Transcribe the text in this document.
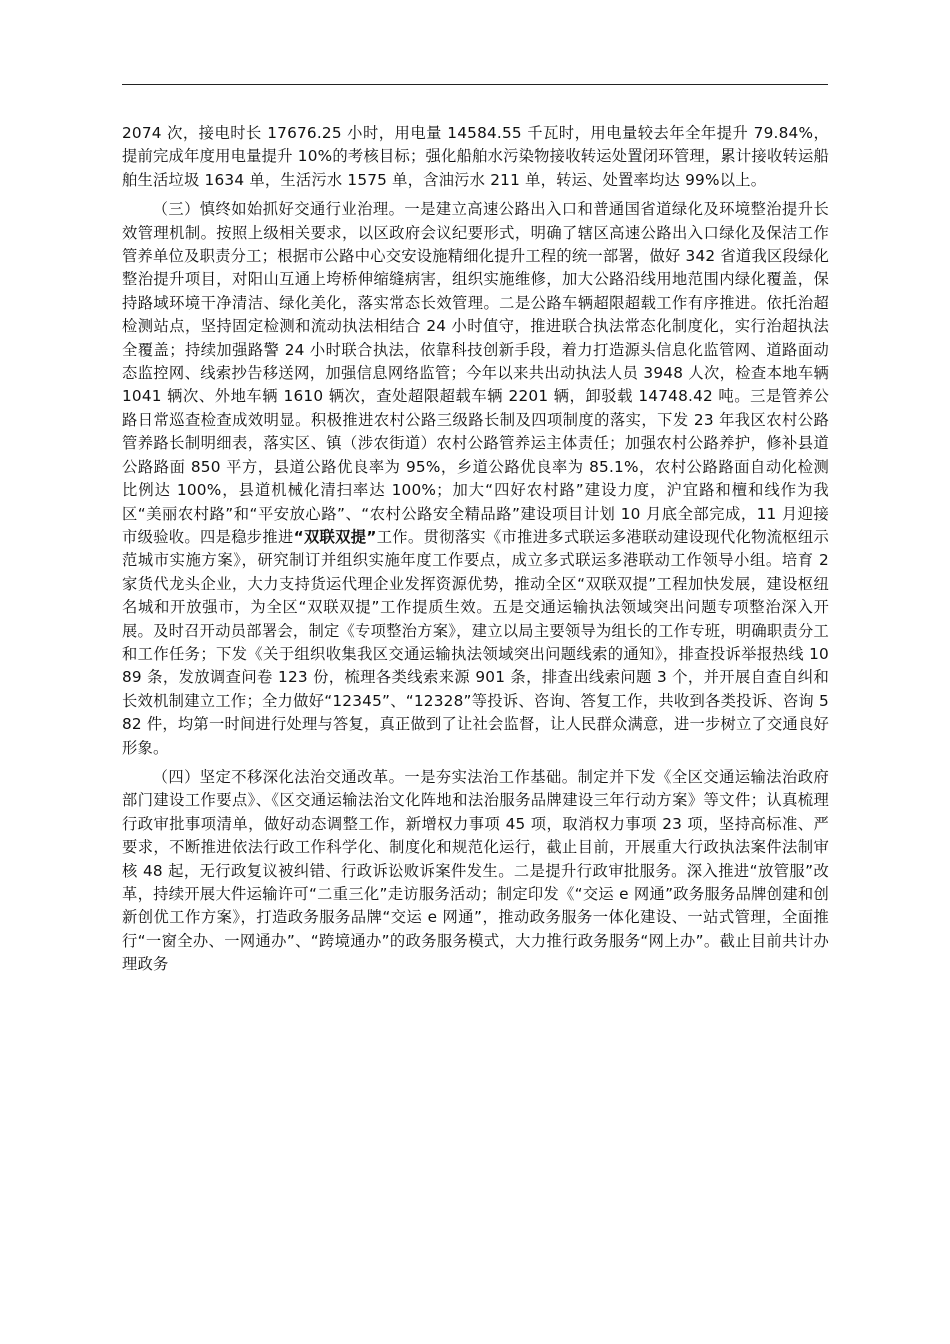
2074 次，接电时长 17676.25 小时，用电量 14584.55 千瓦时，用电量较去年全年提升 79.84%，提前完成年度用电量提升 10%的考核目标；强化船舶水污染物接收转运处置闭环管理，累计接收转运船舶生活垃圾 1634 单，生活污水 1575 单，含油污水 211 单，转运、处置率均达 99%以上。

（三）慎终如始抓好交通行业治理。一是建立高速公路出入口和普通国省道绿化及环境整治提升长效管理机制。按照上级相关要求，以区政府会议纪要形式，明确了辖区高速公路出入口绿化及保洁工作管养单位及职责分工；根据市公路中心交安设施精细化提升工程的统一部署，做好 342 省道我区段绿化整治提升项目，对阳山互通上垮桥伸缩缝病害，组织实施维修，加大公路沿线用地范围内绿化覆盖，保持路域环境干净清洁、绿化美化，落实常态长效管理。二是公路车辆超限超载工作有序推进。依托治超检测站点，坚持固定检测和流动执法相结合 24 小时值守，推进联合执法常态化制度化，实行治超执法全覆盖；持续加强路警 24 小时联合执法，依靠科技创新手段，着力打造源头信息化监管网、道路面动态监控网、线索抄告移送网，加强信息网络监管；今年以来共出动执法人员 3948 人次，检查本地车辆 1041 辆次、外地车辆 1610 辆次，查处超限超载车辆 2201 辆，卸驳载 14748.42 吨。三是管养公路日常巡查检查成效明显。积极推进农村公路三级路长制及四项制度的落实，下发 23 年我区农村公路管养路长制明细表，落实区、镇（涉农街道）农村公路管养运主体责任；加强农村公路养护，修补县道公路路面 850 平方，县道公路优良率为 95%，乡道公路优良率为 85.1%，农村公路路面自动化检测比例达 100%，县道机械化清扫率达 100%；加大“四好农村路”建设力度，沪宜路和檀和线作为我区“美丽农村路”和“平安放心路”、“农村公路安全精品路”建设项目计划 10 月底全部完成，11 月迎接市级验收。四是稳步推进“双联双提”工作。贯彻落实《市推进多式联运多港联动建设现代化物流枢纽示范城市实施方案》，研究制订并组织实施年度工作要点，成立多式联运多港联动工作领导小组。培育 2 家货代龙头企业，大力支持货运代理企业发挥资源优势，推动全区“双联双提”工程加快发展，建设枢纽名城和开放强市，为全区“双联双提”工作提质生效。五是交通运输执法领域突出问题专项整治深入开展。及时召开动员部署会，制定《专项整治方案》，建立以局主要领导为组长的工作专班，明确职责分工和工作任务；下发《关于组织收集我区交通运输执法领域突出问题线索的通知》，排查投诉举报热线 1089 条，发放调查问卷 123 份，梳理各类线索来源 901 条，排查出线索问题 3 个，并开展自查自纠和长效机制建立工作；全力做好“12345”、“12328”等投诉、咨询、答复工作，共收到各类投诉、咨询 582 件，均第一时间进行处理与答复，真正做到了让社会监督，让人民群众满意，进一步树立了交通良好形象。

（四）坚定不移深化法治交通改革。一是夯实法治工作基础。制定并下发《全区交通运输法治政府部门建设工作要点》、《区交通运输法治文化阵地和法治服务品牌建设三年行动方案》等文件；认真梳理行政审批事项清单，做好动态调整工作，新增权力事项 45 项，取消权力事项 23 项，坚持高标准、严要求，不断推进依法行政工作科学化、制度化和规范化运行，截止目前，开展重大行政执法案件法制审核 48 起，无行政复议被纠错、行政诉讼败诉案件发生。二是提升行政审批服务。深入推进“放管服”改革，持续开展大件运输许可“二重三化”走访服务活动；制定印发《“交运 e 网通”政务服务品牌创建和创新创优工作方案》，打造政务服务品牌“交运 e 网通”，推动政务服务一体化建设、一站式管理，全面推行“一窗全办、一网通办”、“跨境通办”的政务服务模式，大力推行政务服务“网上办”。截止目前共计办理政务
